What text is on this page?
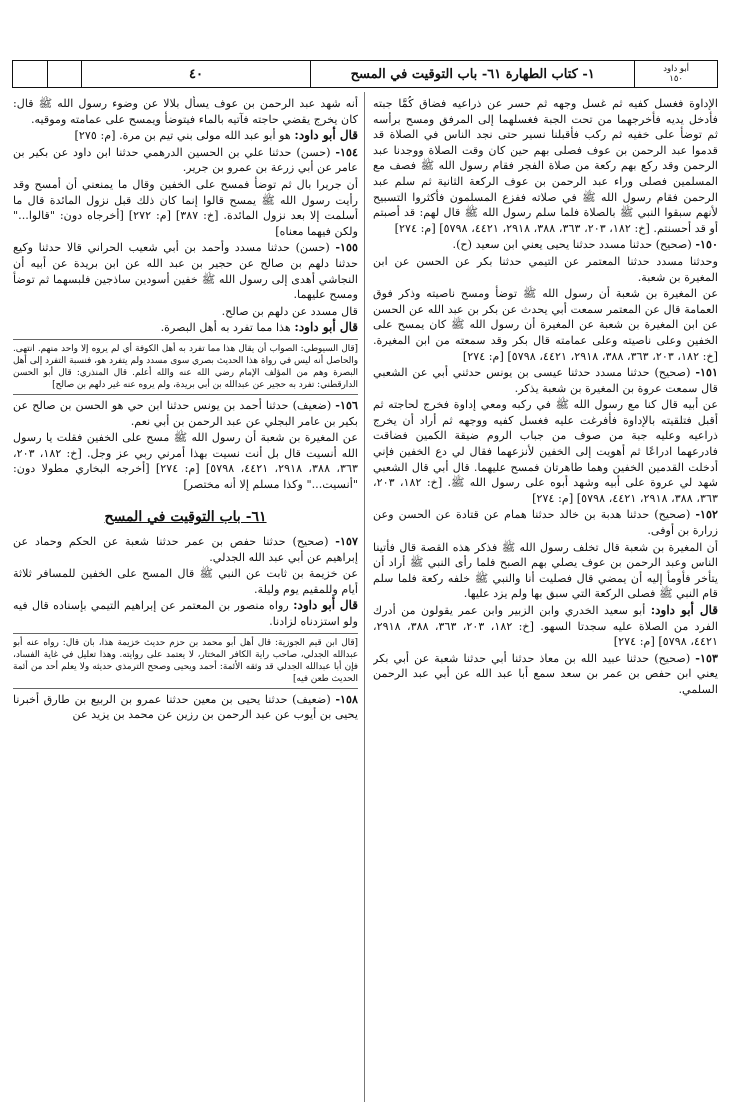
٤٠	١- كتاب الطهارة ٦١- باب التوقيت في المسح	أبو داود
١٥٠

الإداوة فغسل كفيه ثم غسل وجهه ثم حسر عن ذراعيه فضاق كُمَّا جبته فأدخل يديه فأخرجهما من تحت الجبة فغسلهما إلى المرفق ومسح برأسه ثم توضأ على خفيه ثم ركب فأقبلنا نسير حتى نجد الناس في الصلاة قد قدموا عبد الرحمن بن عوف فصلى بهم حين كان وقت الصلاة ووجدنا عبد الرحمن وقد ركع بهم ركعة من صلاة الفجر فقام رسول الله ﷺ فصف مع المسلمين فصلى وراء عبد الرحمن بن عوف الركعة الثانية ثم سلم عبد الرحمن فقام رسول الله ﷺ في صلاته ففزع المسلمون فأكثروا التسبيح لأنهم سبقوا النبي ﷺ بالصلاة فلما سلم رسول الله ﷺ قال لهم: قد أصبتم أو قد أحسنتم. [خ: ١٨٢، ٢٠٣، ٣٦٣، ٣٨٨، ٢٩١٨، ٤٤٢١، ٥٧٩٨] [م: ٢٧٤]

١٥٠- (صحيح) حدثنا مسدد حدثنا يحيى يعني ابن سعيد (ح).

وحدثنا مسدد حدثنا المعتمر عن التيمي حدثنا بكر عن الحسن عن ابن المغيرة بن شعبة.

عن المغيرة بن شعبة أن رسول الله ﷺ توضأ ومسح ناصيته وذكر فوق العمامة قال عن المعتمر سمعت أبي يحدث عن بكر بن عبد الله عن الحسن عن ابن المغيرة بن شعبة عن المغيرة أن رسول الله ﷺ كان يمسح على الخفين وعلى ناصيته وعلى عمامته قال بكر وقد سمعته من ابن المغيرة. [خ: ١٨٢، ٢٠٣، ٣٦٣، ٣٨٨، ٢٩١٨، ٤٤٢١، ٥٧٩٨] [م: ٢٧٤]

١٥١- (صحيح) حدثنا مسدد حدثنا عيسى بن يونس حدثني أبي عن الشعبي قال سمعت عروة بن المغيرة بن شعبة يذكر.

عن أبيه قال كنا مع رسول الله ﷺ في ركبه ومعي إداوة فخرج لحاجته ثم أقبل فتلقيته بالإداوة فأفرغت عليه فغسل كفيه ووجهه ثم أراد أن يخرج ذراعيه وعليه جبة من صوف من جباب الروم ضيقة الكمين فضاقت فادرعهما ادراعًا ثم أهويت إلى الخفين لأنزعهما فقال لي دع الخفين فإني أدخلت القدمين الخفين وهما طاهرتان فمسح عليهما. قال أبي قال الشعبي شهد لي عروة على أبيه وشهد أبوه على رسول الله ﷺ. [خ: ١٨٢، ٢٠٣، ٣٦٣، ٣٨٨، ٢٩١٨، ٤٤٢١، ٥٧٩٨] [م: ٢٧٤]

١٥٢- (صحيح) حدثنا هدبة بن خالد حدثنا همام عن قتادة عن الحسن وعن زرارة بن أوفى.

أن المغيرة بن شعبة قال تخلف رسول الله ﷺ فذكر هذه القصة قال فأتينا الناس وعبد الرحمن بن عوف يصلي بهم الصبح فلما رأى النبي ﷺ أراد أن يتأخر فأومأ إليه أن يمضي قال فصليت أنا والنبي ﷺ خلفه ركعة فلما سلم قام النبي ﷺ فصلى الركعة التي سبق بها ولم يزد عليها.

قال أبو داود: أبو سعيد الخدري وابن الزبير وابن عمر يقولون من أدرك الفرد من الصلاة عليه سجدتا السهو. [خ: ١٨٢، ٢٠٣، ٣٦٣، ٣٨٨، ٢٩١٨، ٤٤٢١، ٥٧٩٨] [م: ٢٧٤]

١٥٣- (صحيح) حدثنا عبيد الله بن معاذ حدثنا أبي حدثنا شعبة عن أبي بكر يعني ابن حفص بن عمر بن سعد سمع أبا عبد الله عن أبي عبد الرحمن السلمي.

أنه شهد عبد الرحمن بن عوف يسأل بلالا عن وضوء رسول الله ﷺ قال: كان يخرج يقضي حاجته فآتيه بالماء فيتوضأ ويمسح على عمامته وموقيه.

قال أبو داود: هو أبو عبد الله مولى بني تيم بن مرة. [م: ٢٧٥]

١٥٤- (حسن) حدثنا علي بن الحسين الدرهمي حدثنا ابن داود عن بكير بن عامر عن أبي زرعة بن عمرو بن جرير.

أن جريرا بال ثم توضأ فمسح على الخفين وقال ما يمنعني أن أمسح وقد رأيت رسول الله ﷺ يمسح قالوا إنما كان ذلك قبل نزول المائدة قال ما أسلمت إلا بعد نزول المائدة. [خ: ٣٨٧] [م: ٢٧٢] [أخرجاه دون: "قالوا..." ولكن فيهما معناه]

١٥٥- (حسن) حدثنا مسدد وأحمد بن أبي شعيب الحراني قالا حدثنا وكيع حدثنا دلهم بن صالح عن حجير بن عبد الله عن ابن بريدة عن أبيه أن النجاشي أهدى إلى رسول الله ﷺ خفين أسودين ساذجين فلبسهما ثم توضأ ومسح عليهما.

قال مسدد عن دلهم بن صالح.

قال أبو داود: هذا مما تفرد به أهل البصرة.

[قال السيوطي: الصواب أن يقال هذا مما تفرد به أهل الكوفة أي لم يروه إلا واحد منهم. انتهى. والحاصل أنه ليس في رواة هذا الحديث بصري سوى مسدد ولم يتفرد هو، فنسبة التفرد إلى أهل البصرة وهم من المؤلف الإمام رضي الله عنه والله أعلم. قال المنذري: قال أبو الحسن الدارقطني: تفرد به حجير عن عبدالله بن أبي بريدة، ولم يروه عنه غير دلهم بن صالح]

١٥٦- (ضعيف) حدثنا أحمد بن يونس حدثنا ابن حي هو الحسن بن صالح عن بكير بن عامر البجلي عن عبد الرحمن بن أبي نعم.

عن المغيرة بن شعبة أن رسول الله ﷺ مسح على الخفين فقلت يا رسول الله أنسيت قال بل أنت نسيت بهذا أمرني ربي عز وجل. [خ: ١٨٢، ٢٠٣، ٣٦٣، ٣٨٨، ٢٩١٨، ٤٤٢١، ٥٧٩٨] [م: ٢٧٤] [أخرجه البخاري مطولا دون: "أنسيت..." وكذا مسلم إلا أنه مختصر]

٦١- باب التوقيت في المسح

١٥٧- (صحيح) حدثنا حفص بن عمر حدثنا شعبة عن الحكم وحماد عن إبراهيم عن أبي عبد الله الجدلي.

عن خزيمة بن ثابت عن النبي ﷺ قال المسح على الخفين للمسافر ثلاثة أيام وللمقيم يوم وليلة.

قال أبو داود: رواه منصور بن المعتمر عن إبراهيم التيمي بإسناده قال فيه ولو استزدناه لزادنا.

[قال ابن قيم الجوزية: قال أهل أبو محمد بن حزم حديث خزيمة هذا، بان قال: رواه عنه أبو عبدالله الجدلي، صاحب راية الكافر المختار، لا يعتمد على روايته. وهذا تعليل في غاية الفساد، فإن أبا عبدالله الجدلي قد وثقه الأئمة: أحمد ويحيى وصحح الترمذي حديثه ولا يعلم أحد من أئمة الحديث طعن فيه]

١٥٨- (ضعيف) حدثنا يحيى بن معين حدثنا عمرو بن الربيع بن طارق أخبرنا يحيى بن أيوب عن عبد الرحمن بن رزين عن محمد بن يزيد عن
